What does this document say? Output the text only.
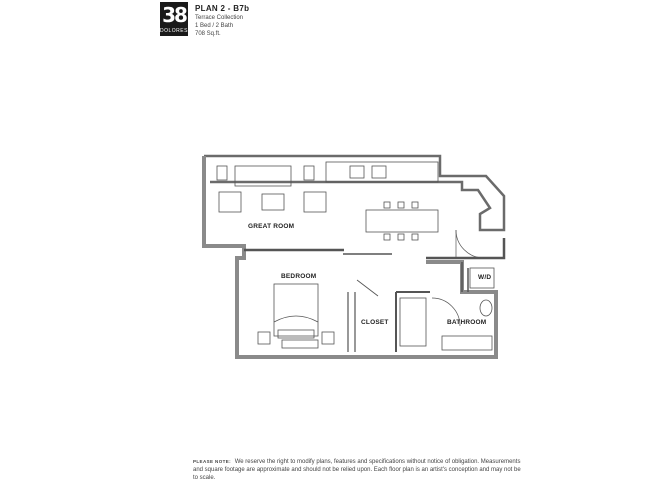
38
DOLORES
PLAN 2 - B7b
Terrace Collection
1 Bed / 2 Bath
708 Sq.ft.
GREAT ROOM
BEDROOM
CLOSET	BATHROOM
W/D
PLEASE NOTE: We reserve the right to modify plans, features and specifications without notice of obligation. Measurements and square footage are approximate and should not be relied upon. Each floor plan is an artist's conception and may not be to scale.
